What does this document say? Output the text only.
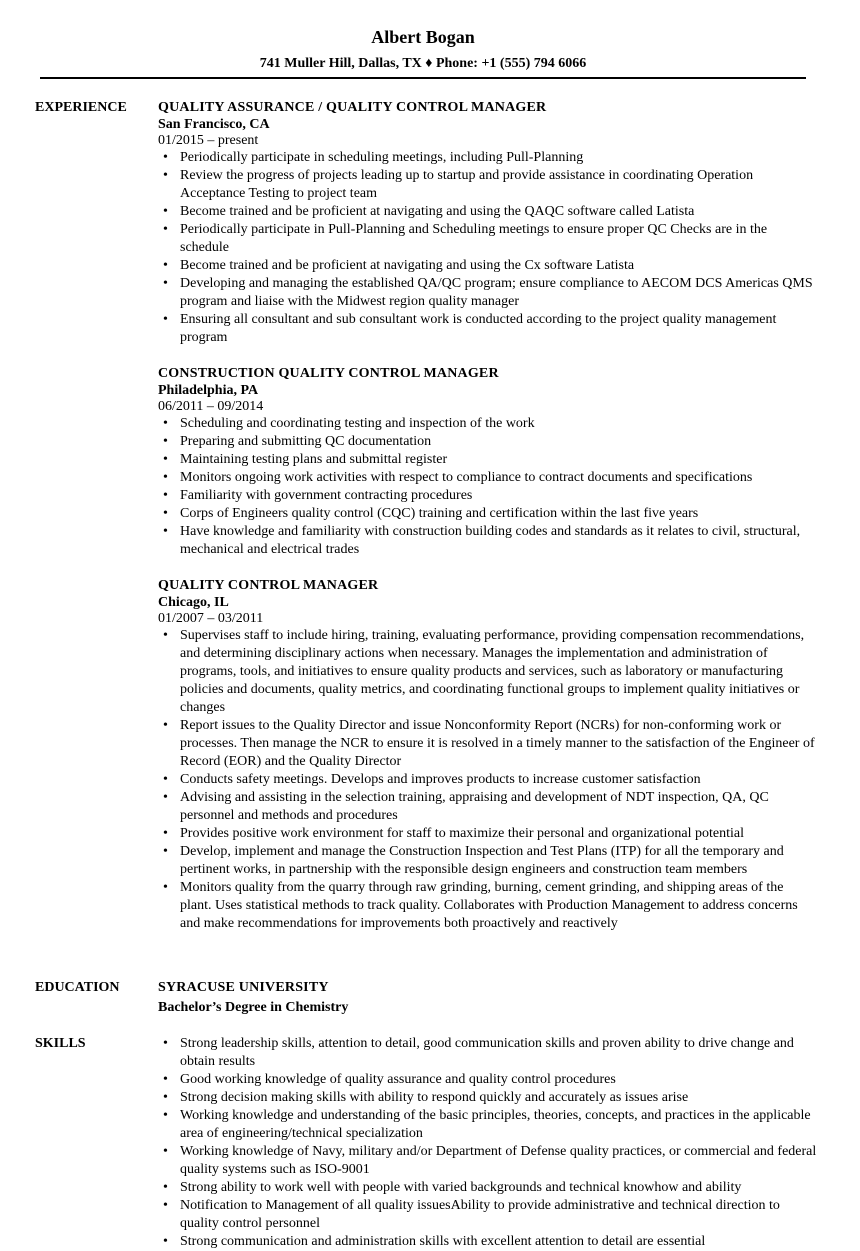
Albert Bogan
741 Muller Hill, Dallas, TX ♦ Phone: +1 (555) 794 6066
EXPERIENCE QUALITY ASSURANCE / QUALITY CONTROL MANAGER
San Francisco, CA
01/2015 – present
• Periodically participate in scheduling meetings, including Pull-Planning
• Review the progress of projects leading up to startup and provide assistance in coordinating Operation Acceptance Testing to project team
• Become trained and be proficient at navigating and using the QAQC software called Latista
• Periodically participate in Pull-Planning and Scheduling meetings to ensure proper QC Checks are in the schedule
• Become trained and be proficient at navigating and using the Cx software Latista
• Developing and managing the established QA/QC program; ensure compliance to AECOM DCS Americas QMS program and liaise with the Midwest region quality manager
• Ensuring all consultant and sub consultant work is conducted according to the project quality management program
CONSTRUCTION QUALITY CONTROL MANAGER
Philadelphia, PA
06/2011 – 09/2014
• Scheduling and coordinating testing and inspection of the work
• Preparing and submitting QC documentation
• Maintaining testing plans and submittal register
• Monitors ongoing work activities with respect to compliance to contract documents and specifications
• Familiarity with government contracting procedures
• Corps of Engineers quality control (CQC) training and certification within the last five years
• Have knowledge and familiarity with construction building codes and standards as it relates to civil, structural, mechanical and electrical trades
QUALITY CONTROL MANAGER
Chicago, IL
01/2007 – 03/2011
• Supervises staff to include hiring, training, evaluating performance, providing compensation recommendations, and determining disciplinary actions when necessary. Manages the implementation and administration of programs, tools, and initiatives to ensure quality products and services, such as laboratory or manufacturing policies and documents, quality metrics, and coordinating functional groups to implement quality initiatives or changes
• Report issues to the Quality Director and issue Nonconformity Report (NCRs) for non-conforming work or processes. Then manage the NCR to ensure it is resolved in a timely manner to the satisfaction of the Engineer of Record (EOR) and the Quality Director
• Conducts safety meetings. Develops and improves products to increase customer satisfaction
• Advising and assisting in the selection training, appraising and development of NDT inspection, QA, QC personnel and methods and procedures
• Provides positive work environment for staff to maximize their personal and organizational potential
• Develop, implement and manage the Construction Inspection and Test Plans (ITP) for all the temporary and pertinent works, in partnership with the responsible design engineers and construction team members
• Monitors quality from the quarry through raw grinding, burning, cement grinding, and shipping areas of the plant. Uses statistical methods to track quality. Collaborates with Production Management to address concerns and make recommendations for improvements both proactively and reactively
EDUCATION	SYRACUSE UNIVERSITY
Bachelor’s Degree in Chemistry
SKILLS
•	Strong leadership skills, attention to detail, good communication skills and proven ability to drive change and obtain results
• Good working knowledge of quality assurance and quality control procedures
• Strong decision making skills with ability to respond quickly and accurately as issues arise
• Working knowledge and understanding of the basic principles, theories, concepts, and practices in the applicable area of engineering/technical specialization
• Working knowledge of Navy, military and/or Department of Defense quality practices, or commercial and federal quality systems such as ISO-9001
• Strong ability to work well with people with varied backgrounds and technical knowhow and ability
• Notification to Management of all quality issuesAbility to provide administrative and technical direction to quality control personnel
• Strong communication and administration skills with excellent attention to detail are essential
